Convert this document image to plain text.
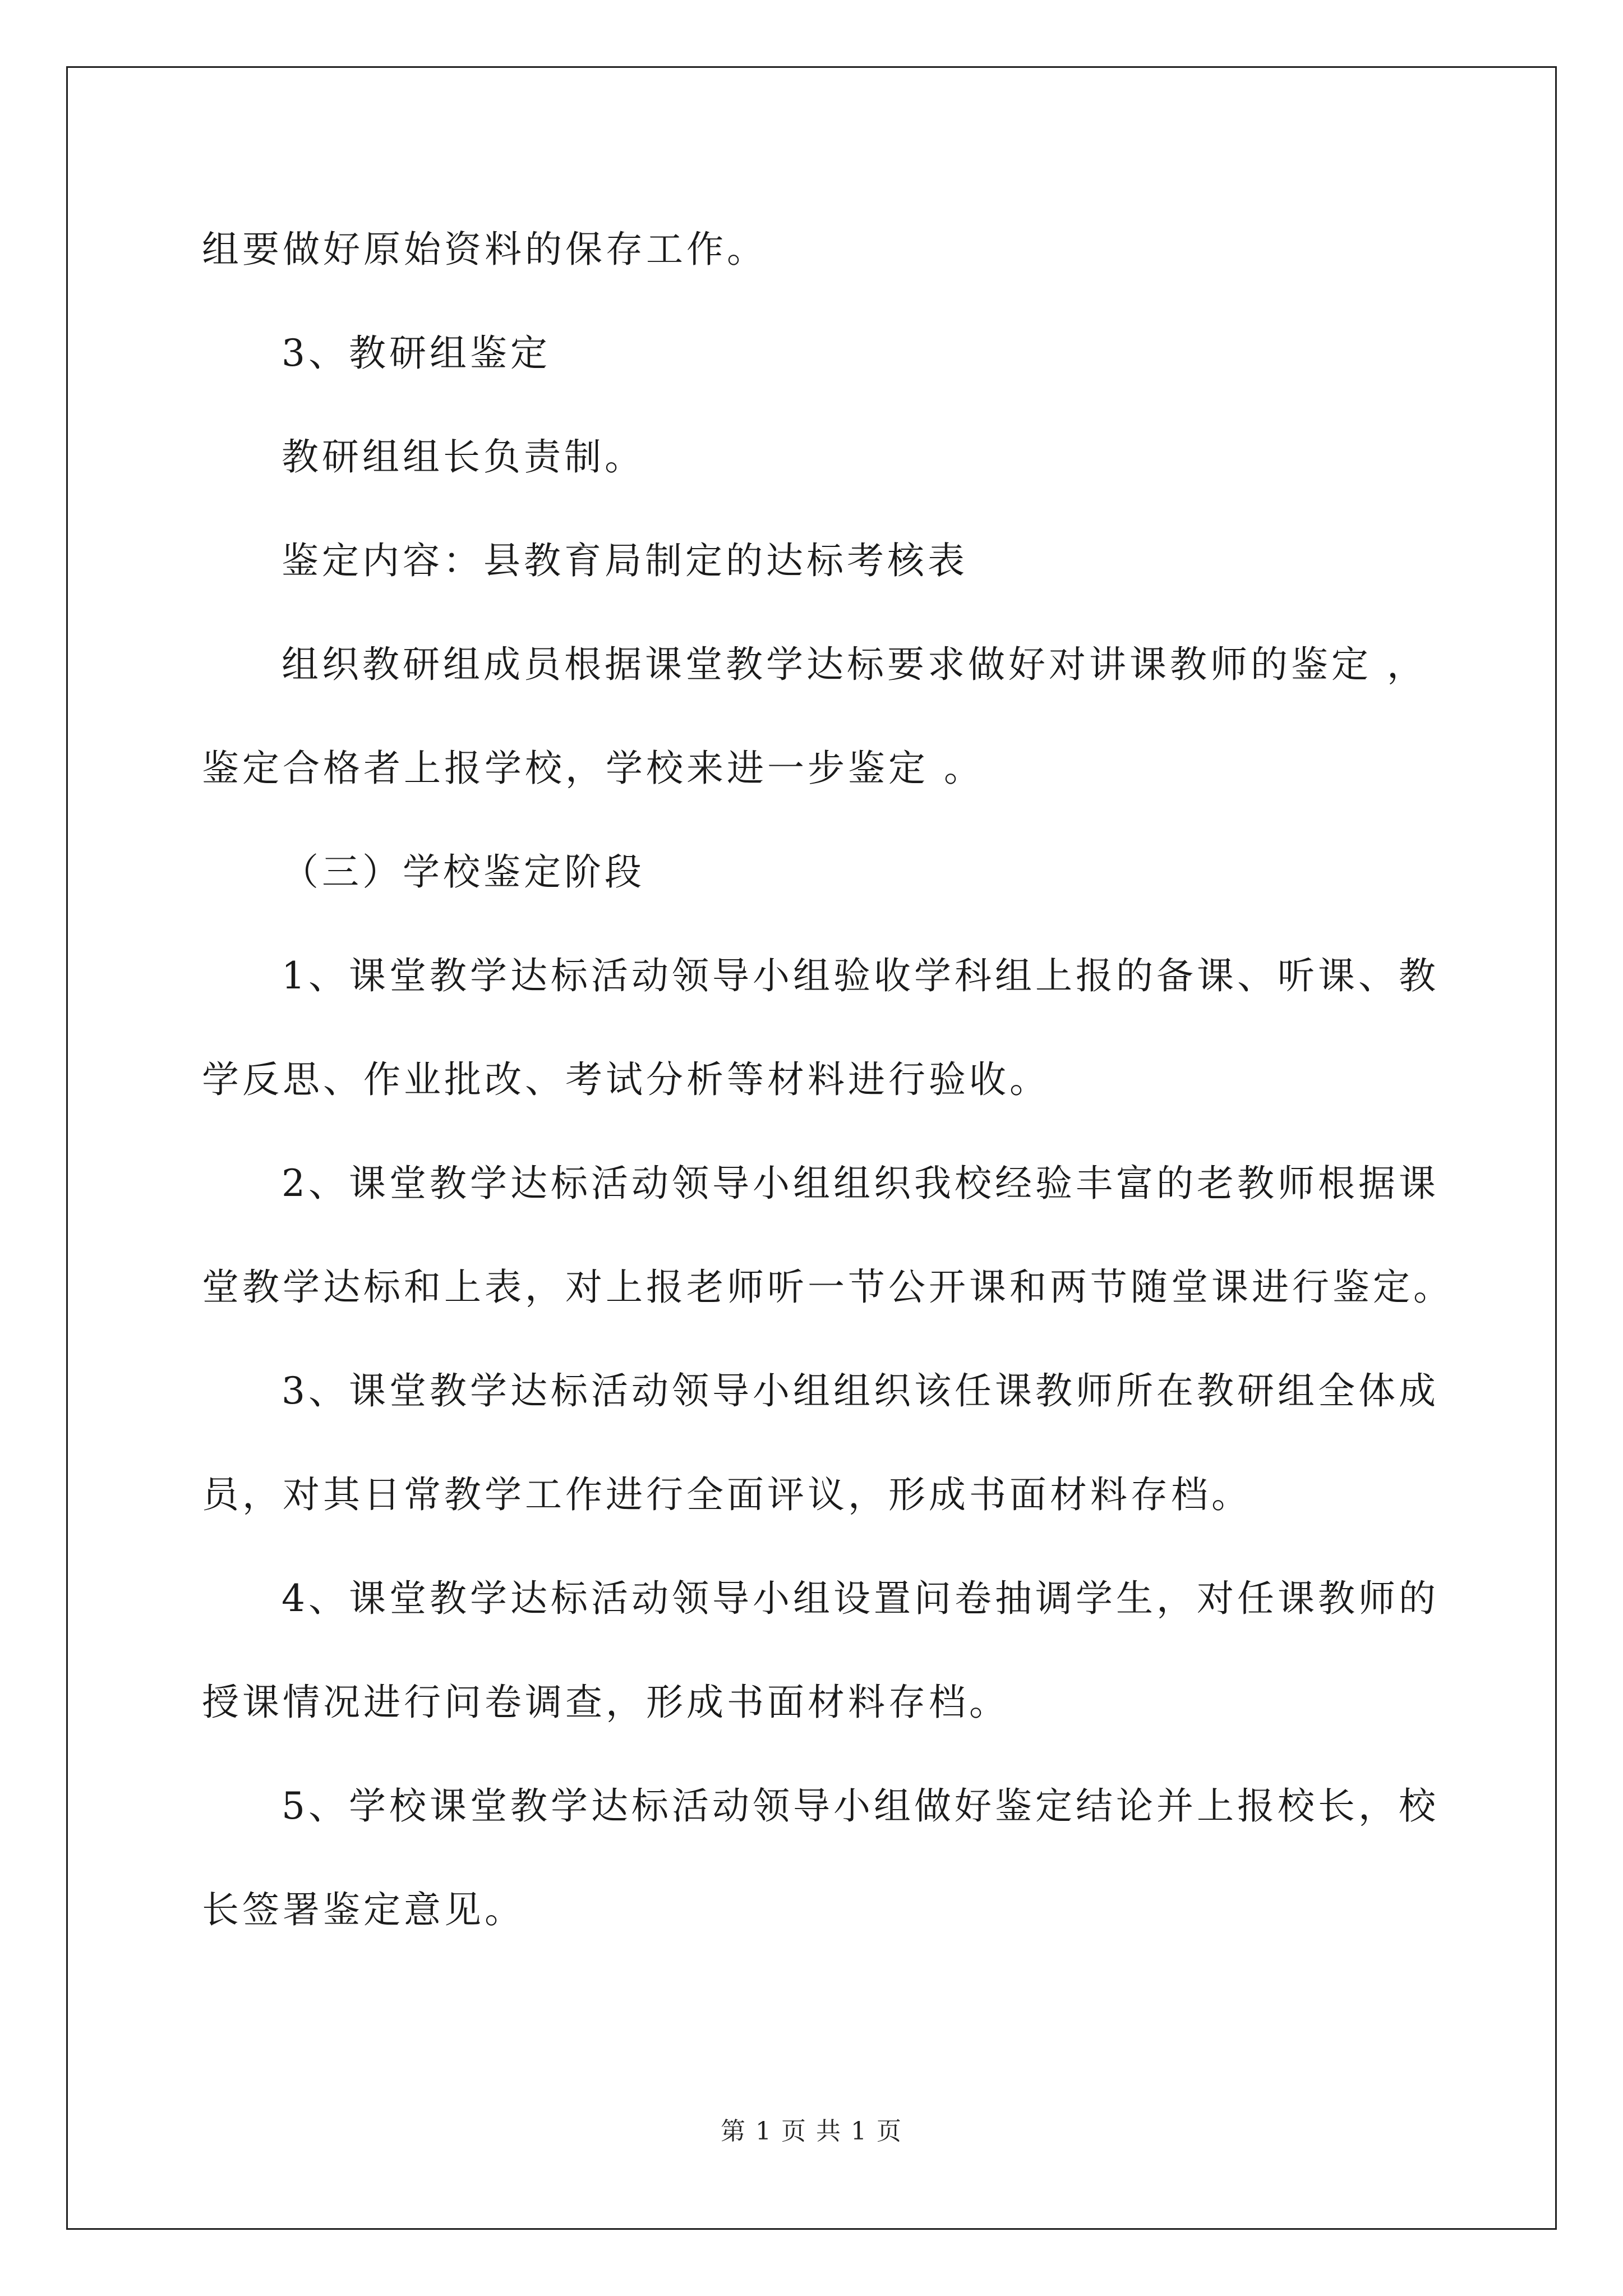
组要做好原始资料的保存工作。
3、教研组鉴定
教研组组长负责制。
鉴定内容：县教育局制定的达标考核表
组织教研组成员根据课堂教学达标要求做好对讲课教师的鉴定 ，
鉴定合格者上报学校，学校来进一步鉴定 。
（三）学校鉴定阶段
1、课堂教学达标活动领导小组验收学科组上报的备课、听课、教
学反思、作业批改、考试分析等材料进行验收。
2、课堂教学达标活动领导小组组织我校经验丰富的老教师根据课
堂教学达标和上表，对上报老师听一节公开课和两节随堂课进行鉴定。
3、课堂教学达标活动领导小组组织该任课教师所在教研组全体成
员，对其日常教学工作进行全面评议，形成书面材料存档。
4、课堂教学达标活动领导小组设置问卷抽调学生，对任课教师的
授课情况进行问卷调查，形成书面材料存档。
5、学校课堂教学达标活动领导小组做好鉴定结论并上报校长，校
长签署鉴定意见。
第 1 页 共 1 页
